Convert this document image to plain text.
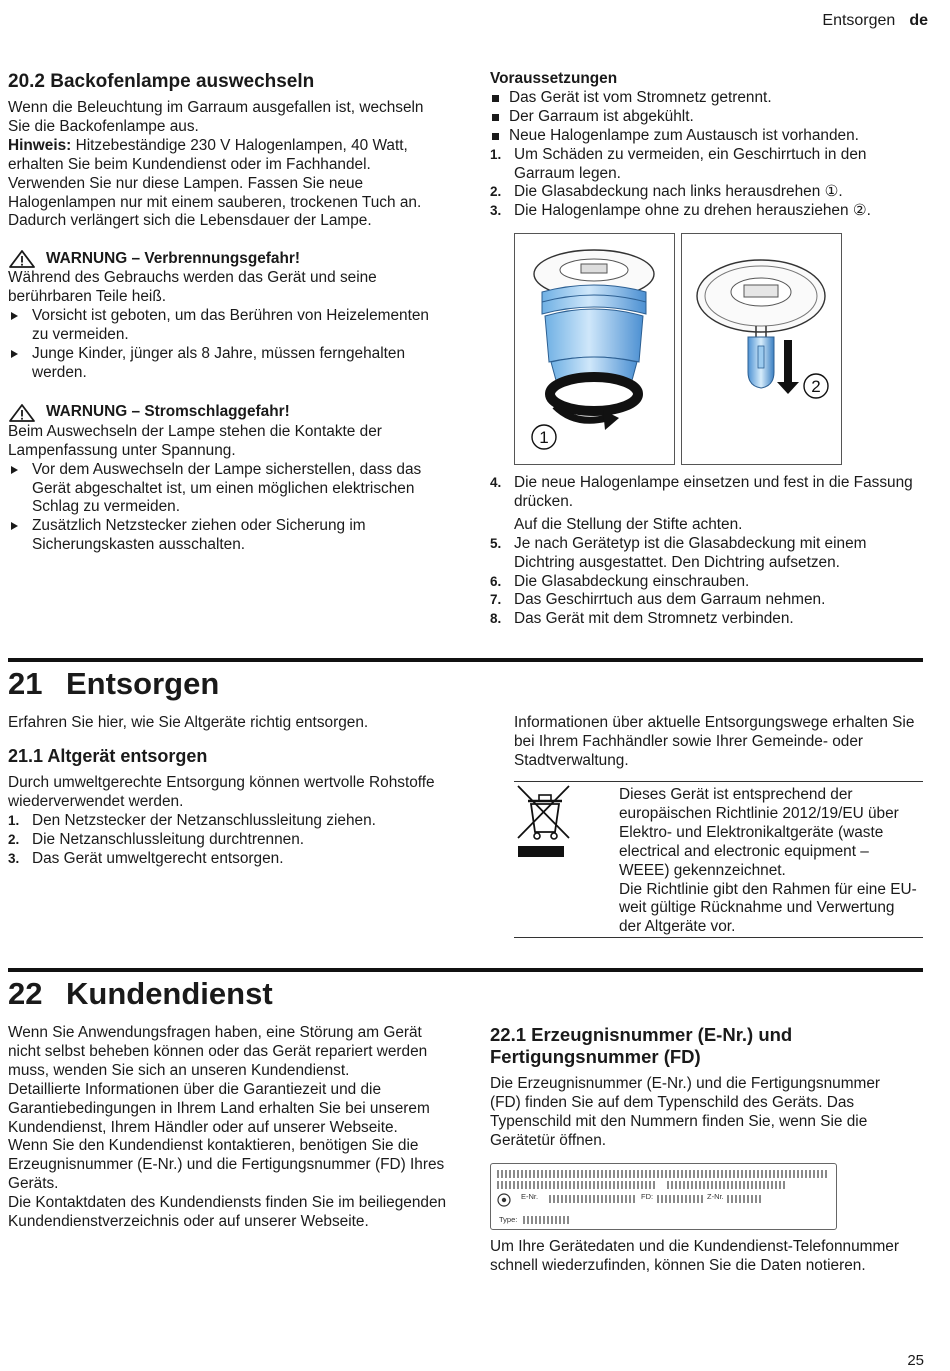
Entsorgen de
20.2 Backofenlampe auswechseln

Wenn die Beleuchtung im Garraum ausgefallen ist, wechseln Sie die Backofenlampe aus.

Hinweis: Hitzebeständige 230 V Halogenlampen, 40 Watt, erhalten Sie beim Kundendienst oder im Fachhandel. Verwenden Sie nur diese Lampen. Fassen Sie neue Halogenlampen nur mit einem sauberen, trockenen Tuch an. Dadurch verlängert sich die Lebensdauer der Lampe.

WARNUNG – Verbrennungsgefahr!

Während des Gebrauchs werden das Gerät und seine berührbaren Teile heiß.

Vorsicht ist geboten, um das Berühren von Heizelementen zu vermeiden.
Junge Kinder, jünger als 8 Jahre, müssen ferngehalten werden.
WARNUNG – Stromschlaggefahr!

Beim Auswechseln der Lampe stehen die Kontakte der Lampenfassung unter Spannung.

Vor dem Auswechseln der Lampe sicherstellen, dass das Gerät abgeschaltet ist, um einen möglichen elektrischen Schlag zu vermeiden.
Zusätzlich Netzstecker ziehen oder Sicherung im Sicherungskasten ausschalten.
Voraussetzungen
Das Gerät ist vom Stromnetz getrennt.
Der Garraum ist abgekühlt.
Neue Halogenlampe zum Austausch ist vorhanden.
1. Um Schäden zu vermeiden, ein Geschirrtuch in den Garraum legen.
2. Die Glasabdeckung nach links herausdrehen ①.
3. Die Halogenlampe ohne zu drehen herausziehen ②.
1
2
4. Die neue Halogenlampe einsetzen und fest in die Fassung drücken.
Auf die Stellung der Stifte achten.
5. Je nach Gerätetyp ist die Glasabdeckung mit einem Dichtring ausgestattet. Den Dichtring aufsetzen.
6. Die Glasabdeckung einschrauben.
7. Das Geschirrtuch aus dem Garraum nehmen.
8. Das Gerät mit dem Stromnetz verbinden.
21 Entsorgen

Erfahren Sie hier, wie Sie Altgeräte richtig entsorgen.

21.1 Altgerät entsorgen

Durch umweltgerechte Entsorgung können wertvolle Rohstoffe wiederverwendet werden.

1. Den Netzstecker der Netzanschlussleitung ziehen.
2. Die Netzanschlussleitung durchtrennen.
3. Das Gerät umweltgerecht entsorgen.

Informationen über aktuelle Entsorgungswege erhalten Sie bei Ihrem Fachhändler sowie Ihrer Gemeinde- oder Stadtverwaltung.

Dieses Gerät ist entsprechend der europäischen Richtlinie 2012/19/EU über Elektro- und Elektronikaltgeräte (waste electrical and electronic equipment – WEEE) gekennzeichnet.

Die Richtlinie gibt den Rahmen für eine EU-weit gültige Rücknahme und Verwertung der Altgeräte vor.

22 Kundendienst

Wenn Sie Anwendungsfragen haben, eine Störung am Gerät nicht selbst beheben können oder das Gerät repariert werden muss, wenden Sie sich an unseren Kundendienst.

Detaillierte Informationen über die Garantiezeit und die Garantiebedingungen in Ihrem Land erhalten Sie bei unserem Kundendienst, Ihrem Händler oder auf unserer Webseite.

Wenn Sie den Kundendienst kontaktieren, benötigen Sie die Erzeugnisnummer (E-Nr.) und die Fertigungsnummer (FD) Ihres Geräts.

Die Kontaktdaten des Kundendiensts finden Sie im beiliegenden Kundendienstverzeichnis oder auf unserer Webseite.

22.1 Erzeugnisnummer (E-Nr.) und Fertigungsnummer (FD)

Die Erzeugnisnummer (E-Nr.) und die Fertigungsnummer (FD) finden Sie auf dem Typenschild des Geräts. Das Typenschild mit den Nummern finden Sie, wenn Sie die Gerätetür öffnen.

E-Nr.	FD:	Z-Nr.
Type:

Um Ihre Gerätedaten und die Kundendienst-Telefonnummer schnell wiederzufinden, können Sie die Daten notieren.

25
